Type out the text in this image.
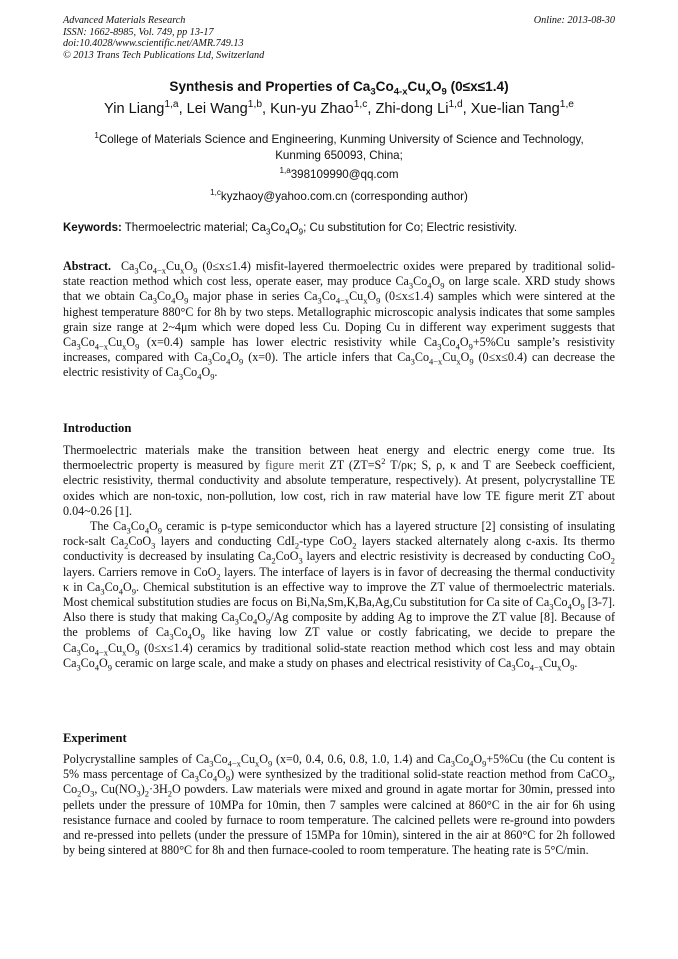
Advanced Materials Research
ISSN: 1662-8985, Vol. 749, pp 13-17
doi:10.4028/www.scientific.net/AMR.749.13
© 2013 Trans Tech Publications Ltd, Switzerland
Online: 2013-08-30
Synthesis and Properties of $Ca_3Co_{4-x}Cu_xO_9$ (0≤x≤1.4)
Yin Liang$^{1,a}$, Lei Wang$^{1,b}$, Kun-yu Zhao$^{1,c}$, Zhi-dong Li$^{1,d}$, Xue-lian Tang$^{1,e}$
$^1$College of Materials Science and Engineering, Kunming University of Science and Technology,
Kunming 650093, China;
$^{1,a}$398109990@qq.com
$^{1,c}$kyzhaoy@yahoo.com.cn (corresponding author)
Keywords: Thermoelectric material; $Ca_3Co_4O_9$; Cu substitution for Co; Electric resistivity.

Abstract.  $Ca_3Co_{4-x}Cu_xO_9$ (0≤x≤1.4) misfit-layered thermoelectric oxides were prepared by traditional solid-state reaction method which cost less, operate easer, may produce $Ca_3Co_4O_9$ on large scale. XRD study shows that we obtain $Ca_3Co_4O_9$ major phase in series $Ca_3Co_{4-x}Cu_xO_9$ (0≤x≤1.4) samples which were sintered at the highest temperature 880°C for 8h by two steps. Metallographic microscopic analysis indicates that some samples grain size range at 2~4μm which were doped less Cu. Doping Cu in different way experiment suggests that $Ca_3Co_{4-x}Cu_xO_9$ (x=0.4) sample has lower electric resistivity while $Ca_3Co_4O_9+5\%Cu$ sample’s resistivity increases, compared with $Ca_3Co_4O_9$ (x=0). The article infers that $Ca_3Co_{4-x}Cu_xO_9$ (0≤x≤0.4) can decrease the electric resistivity of $Ca_3Co_4O_9$.

Introduction

Thermoelectric materials make the transition between heat energy and electric energy come true. Its thermoelectric property is measured by figure merit ZT ($ZT=S^2$ T/ρκ; S, ρ, κ and T are Seebeck coefficient, electric resistivity, thermal conductivity and absolute temperature, respectively). At present, polycrystalline TE oxides which are non-toxic, non-pollution, low cost, rich in raw material have low TE figure merit ZT about 0.04~0.26 [1].

The $Ca_3Co_4O_9$ ceramic is p-type semiconductor which has a layered structure [2] consisting of insulating rock-salt $Ca_2CoO_3$ layers and conducting CdI$_2$-type CoO$_2$ layers stacked alternately along c-axis. Its thermo conductivity is decreased by insulating $Ca_2CoO_3$ layers and electric resistivity is decreased by conducting CoO$_2$ layers. Carriers remove in CoO$_2$ layers. The interface of layers is in favor of decreasing the thermal conductivity κ in $Ca_3Co_4O_9$. Chemical substitution is an effective way to improve the ZT value of thermoelectric materials. Most chemical substitution studies are focus on Bi,Na,Sm,K,Ba,Ag,Cu substitution for Ca site of $Ca_3Co_4O_9$ [3-7]. Also there is study that making $Ca_3Co_4O_9/Ag$ composite by adding Ag to improve the ZT value [8]. Because of the problems of $Ca_3Co_4O_9$ like having low ZT value or costly fabricating, we decide to prepare the $Ca_3Co_{4-x}Cu_xO_9$ (0≤x≤1.4) ceramics by traditional solid-state reaction method which cost less and may obtain $Ca_3Co_4O_9$ ceramic on large scale, and make a study on phases and electrical resistivity of $Ca_3Co_{4-x}Cu_xO_9$.

Experiment

Polycrystalline samples of $Ca_3Co_{4-x}Cu_xO_9$ (x=0, 0.4, 0.6, 0.8, 1.0, 1.4) and $Ca_3Co_4O_9+5\%Cu$ (the Cu content is 5% mass percentage of $Ca_3Co_4O_9$) were synthesized by the traditional solid-state reaction method from CaCO$_3$, $Co_2O_3$, $Cu(NO_3)_2\cdot 3H_2O$ powders. Law materials were mixed and ground in agate mortar for 30min, pressed into pellets under the pressure of 10MPa for 10min, then 7 samples were calcined at 860°C in the air for 6h using resistance furnace and cooled by furnace to room temperature. The calcined pellets were re-ground into powders and re-pressed into pellets (under the pressure of 15MPa for 10min), sintered in the air at 860°C for 2h followed by being sintered at 880°C for 8h and then furnace-cooled to room temperature. The heating rate is 5°C/min.
